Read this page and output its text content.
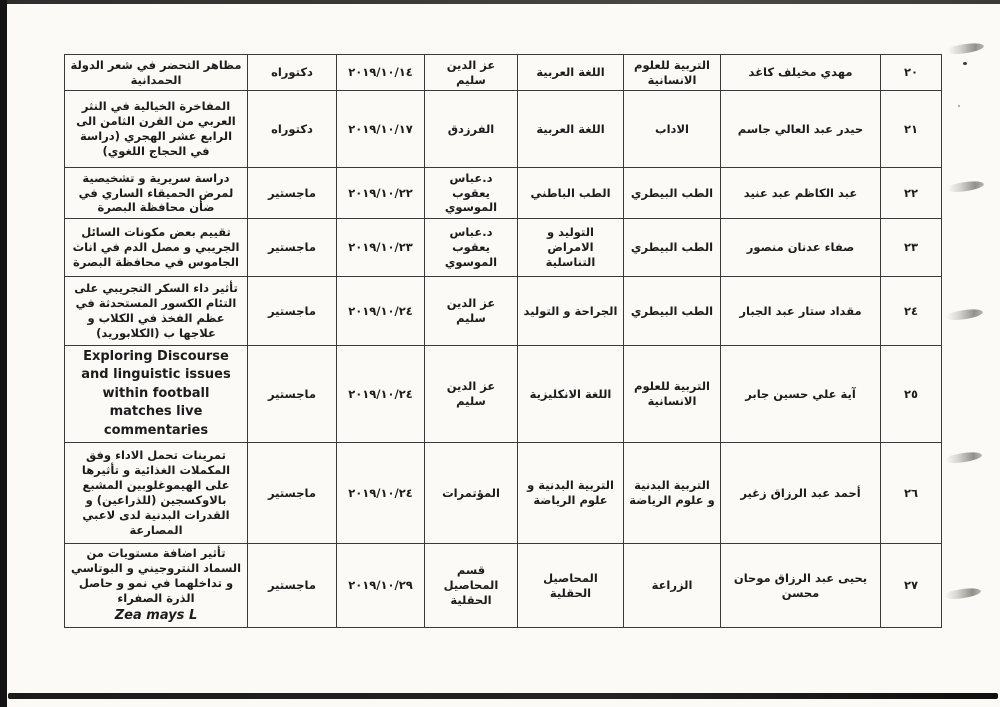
٢٠	مهدي مخيلف كاغد	التربية للعلوم الانسانية	اللغة العربية	عز الدين سليم	٢٠١٩/١٠/١٤	دكتوراه	مظاهر التحضر في شعر الدولة الحمدانية

٢١	حيدر عبد العالي جاسم	الاداب	اللغة العربية	الفرزدق	٢٠١٩/١٠/١٧	دكتوراه	المفاخرة الخيالية في النثر العربي من القرن الثامن الى الرابع عشر الهجري (دراسة في الحجاج اللغوي)

٢٢	عبد الكاظم عبد عنيد	الطب البيطري	الطب الباطني	د.عباس يعقوب الموسوي	٢٠١٩/١٠/٢٢	ماجستير	دراسة سريرية و تشخيصية لمرض الحميقاء الساري في ضأن محافظة البصرة

٢٣	صفاء عدنان منصور	الطب البيطري	التوليد و الامراض التناسلية	د.عباس يعقوب الموسوي	٢٠١٩/١٠/٢٣	ماجستير	تقييم بعض مكونات السائل الجريبي و مصل الدم في اناث الجاموس في محافظة البصرة

٢٤	مقداد ستار عبد الجبار	الطب البيطري	الجراحة و التوليد	عز الدين سليم	٢٠١٩/١٠/٢٤	ماجستير	تأثير داء السكر التجريبي على التئام الكسور المستحدثة في عظم الفخذ في الكلاب و علاجها ب (الكلابوريد)

٢٥	آية علي حسين جابر	التربية للعلوم الانسانية	اللغة الانكليزية	عز الدين سليم	٢٠١٩/١٠/٢٤	ماجستير	Exploring Discourse and linguistic issues within football matches live commentaries

٢٦	أحمد عبد الرزاق زغير	التربية البدنية و علوم الرياضة	التربية البدنية و علوم الرياضة	المؤتمرات	٢٠١٩/١٠/٢٤	ماجستير	تمرينات تحمل الاداء وفق المكملات الغذائية و تأثيرها على الهيموغلوبين المشبع بالاوكسجين (للذراعين) و القدرات البدنية لدى لاعبي المصارعة

٢٧	يحيى عبد الرزاق موحان محسن	الزراعة	المحاصيل الحقلية	قسم المحاصيل الحقلية	٢٠١٩/١٠/٢٩	ماجستير	تأثير اضافة مستويات من السماد النتروجيني و البوتاسي و تداخلهما في نمو و حاصل الذرة الصفراء
Zea mays L
